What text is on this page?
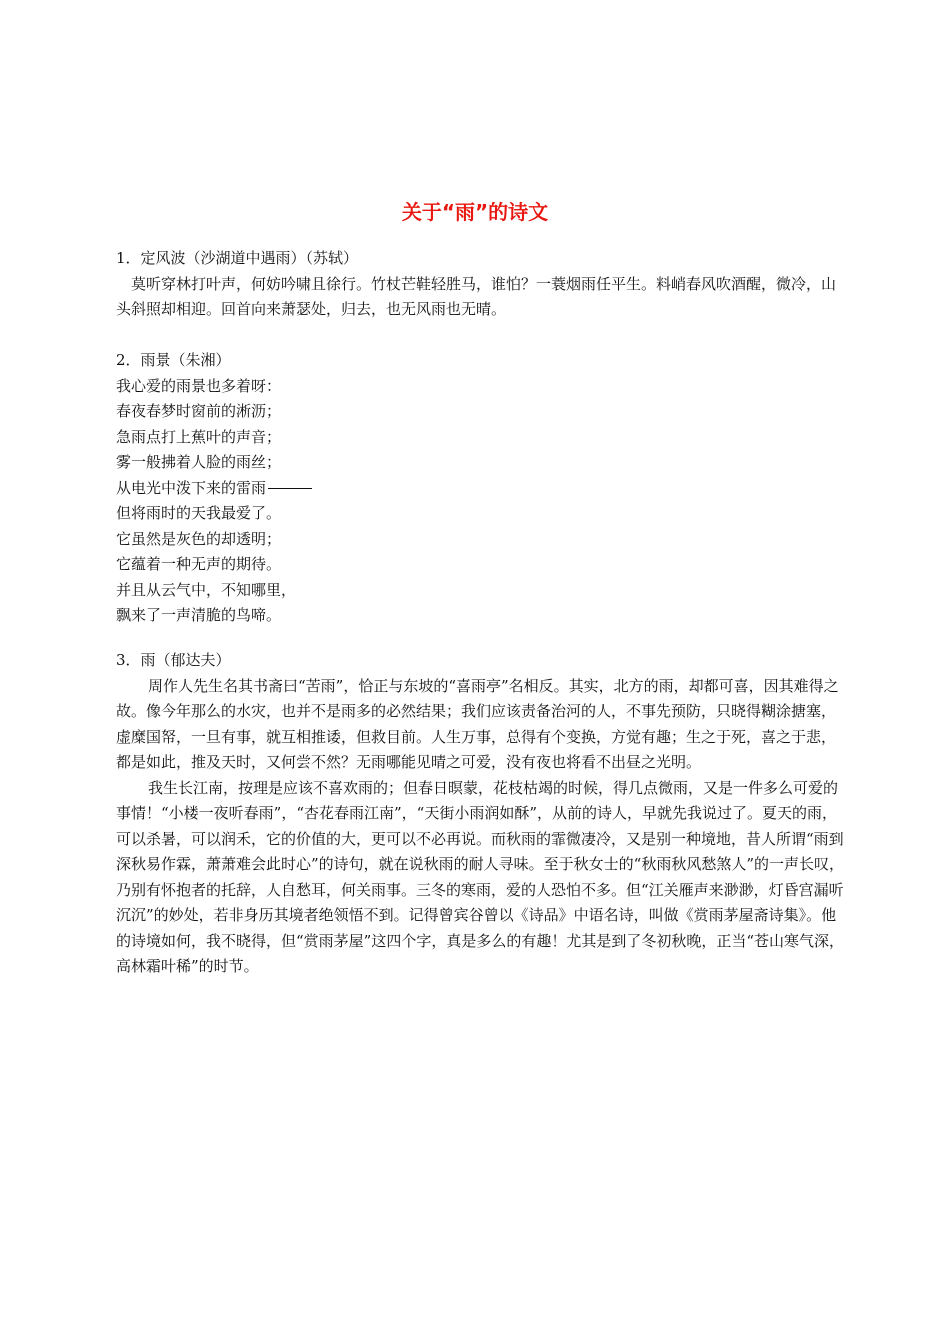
关于“雨”的诗文

1．定风波（沙湖道中遇雨）（苏轼）

莫听穿林打叶声，何妨吟啸且徐行。竹杖芒鞋轻胜马，谁怕？一蓑烟雨任平生。料峭春风吹酒醒，微冷，山头斜照却相迎。回首向来萧瑟处，归去，也无风雨也无晴。

2．雨景（朱湘）

我心爱的雨景也多着呀：

春夜春梦时窗前的淅沥；

急雨点打上蕉叶的声音；

雾一般拂着人脸的雨丝；

从电光中泼下来的雷雨

但将雨时的天我最爱了。

它虽然是灰色的却透明；

它蕴着一种无声的期待。

并且从云气中，不知哪里，

飘来了一声清脆的鸟啼。

3．雨（郁达夫）

周作人先生名其书斋曰“苦雨”，恰正与东坡的“喜雨亭”名相反。其实，北方的雨，却都可喜，因其难得之故。像今年那么的水灾，也并不是雨多的必然结果；我们应该责备治河的人，不事先预防，只晓得糊涂搪塞，虚糜国帑，一旦有事，就互相推诿，但救目前。人生万事，总得有个变换，方觉有趣；生之于死，喜之于悲，都是如此，推及天时，又何尝不然？无雨哪能见晴之可爱，没有夜也将看不出昼之光明。

我生长江南，按理是应该不喜欢雨的；但春日暝蒙，花枝枯竭的时候，得几点微雨，又是一件多么可爱的事情！“小楼一夜听春雨”，“杏花春雨江南”，“天街小雨润如酥”，从前的诗人，早就先我说过了。夏天的雨，可以杀暑，可以润禾，它的价值的大，更可以不必再说。而秋雨的霏微凄冷，又是别一种境地，昔人所谓“雨到深秋易作霖，萧萧难会此时心”的诗句，就在说秋雨的耐人寻味。至于秋女士的“秋雨秋风愁煞人”的一声长叹，乃别有怀抱者的托辞，人自愁耳，何关雨事。三冬的寒雨，爱的人恐怕不多。但“江关雁声来渺渺，灯昏宫漏听沉沉”的妙处，若非身历其境者绝领悟不到。记得曾宾谷曾以《诗品》中语名诗，叫做《赏雨茅屋斋诗集》。他的诗境如何，我不晓得，但“赏雨茅屋”这四个字，真是多么的有趣！尤其是到了冬初秋晚，正当“苍山寒气深，高林霜叶稀”的时节。
